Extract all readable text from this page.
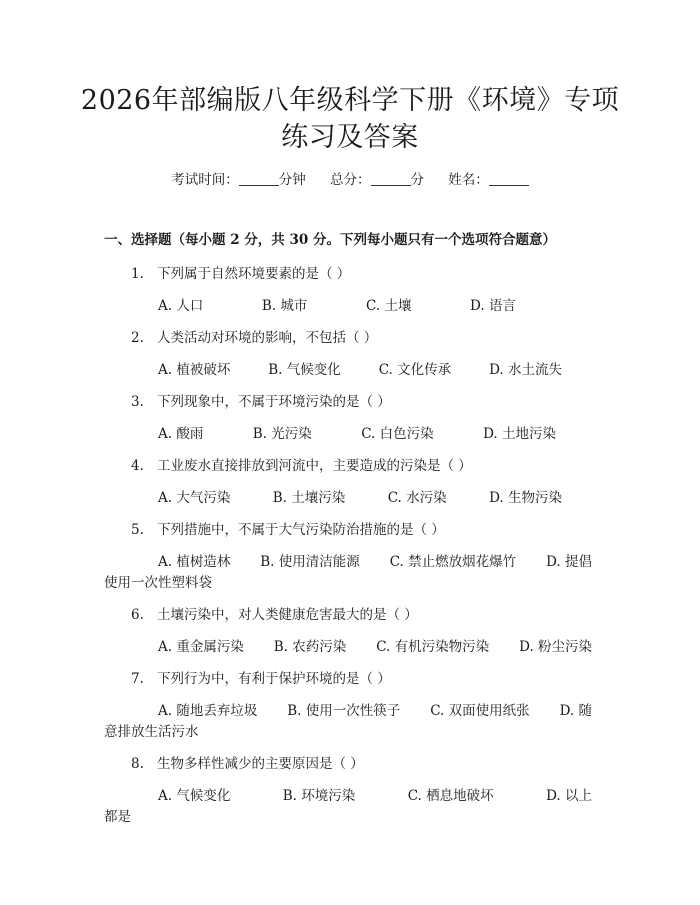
2026年部编版八年级科学下册《环境》专项
练习及答案
考试时间：	分钟 总分：	分 姓名：
一、选择题（每小题 2 分，共 30 分。下列每小题只有一个选项符合题意）
1. 下列属于自然环境要素的是（ ）
A. 人口	B. 城市	C. 土壤	D. 语言
2. 人类活动对环境的影响，不包括（ ）
A. 植被破坏	B. 气候变化	C. 文化传承	D. 水土流失
3. 下列现象中，不属于环境污染的是（ ）
A. 酸雨	B. 光污染	C. 白色污染	D. 土地污染
4. 工业废水直接排放到河流中，主要造成的污染是（ ）
A. 大气污染	B. 土壤污染	C. 水污染	D. 生物污染
5. 下列措施中，不属于大气污染防治措施的是（ ）
A. 植树造林 B. 使用清洁能源 C. 禁止燃放烟花爆竹 D. 提倡
使用一次性塑料袋
6. 土壤污染中，对人类健康危害最大的是（ ）
A. 重金属污染 B. 农药污染 C. 有机污染物污染 D. 粉尘污染
7. 下列行为中，有利于保护环境的是（ ）
A. 随地丢弃垃圾 B. 使用一次性筷子 C. 双面使用纸张 D. 随
意排放生活污水
8. 生物多样性减少的主要原因是（ ）
A. 气候变化	B. 环境污染	C. 栖息地破坏	D. 以上
都是
